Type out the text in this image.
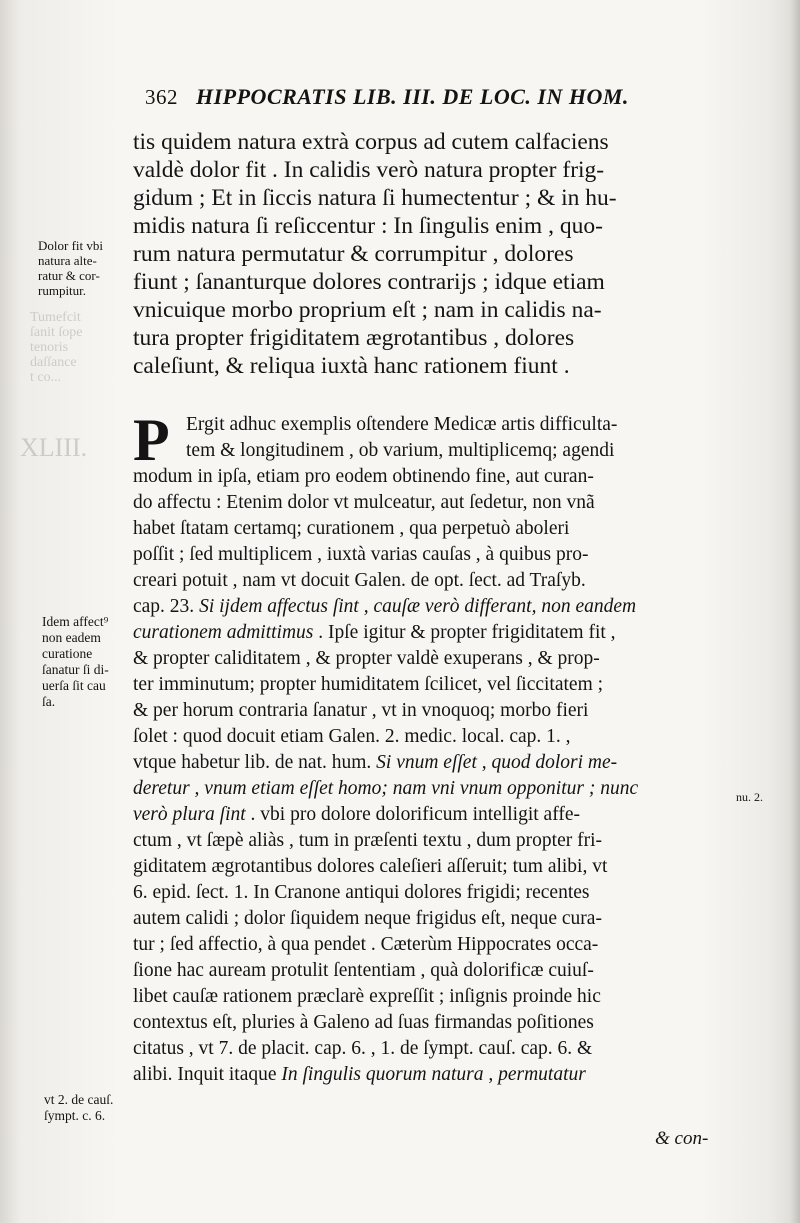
Tumefcit
ſanit ſope
tenoris
daſſance
t co...
XLIII.
362 HIPPOCRATIS LIB. III. DE LOC. IN HOM.
tis quidem natura extrà corpus ad cutem calfaciens
valdè dolor fit . In calidis verò natura propter frig-
gidum ; Et in ſiccis natura ſi humectentur ; & in hu-
midis natura ſi reſiccentur : In ſingulis enim , quo-
rum natura permutatur & corrumpitur , dolores
fiunt ; ſananturque dolores contrarijs ; idque etiam
vnicuique morbo proprium eſt ; nam in calidis na-
tura propter frigiditatem ægrotantibus , dolores
caleſiunt, & reliqua iuxtà hanc rationem fiunt .
P Ergit adhuc exemplis oſtendere Medicæ artis difficulta-
tem & longitudinem , ob varium, multiplicemq; agendi
modum in ipſa, etiam pro eodem obtinendo fine, aut curan-
do affectu : Etenim dolor vt mulceatur, aut ſedetur, non vnã
habet ſtatam certamq; curationem , qua perpetuò aboleri
poſſit ; ſed multiplicem , iuxtà varias cauſas , à quibus pro-
creari potuit , nam vt docuit Galen. de opt. ſect. ad Traſyb.
cap. 23. Si ijdem affectus ſint , cauſæ verò differant, non eandem
curationem admittimus . Ipſe igitur & propter frigiditatem fit ,
& propter caliditatem , & propter valdè exuperans , & prop-
ter imminutum; propter humiditatem ſcilicet, vel ſiccitatem ;
& per horum contraria ſanatur , vt in vnoquoq; morbo fieri
ſolet : quod docuit etiam Galen. 2. medic. local. cap. 1. ,
vtque habetur lib. de nat. hum. Si vnum eſſet , quod dolori me-
deretur , vnum etiam eſſet homo; nam vni vnum opponitur ; nunc
verò plura ſint . vbi pro dolore dolorificum intelligit affe-
ctum , vt ſæpè aliàs , tum in præſenti textu , dum propter fri-
giditatem ægrotantibus dolores caleſieri aſſeruit; tum alibi, vt
6. epid. ſect. 1. In Cranone antiqui dolores frigidi; recentes
autem calidi ; dolor ſiquidem neque frigidus eſt, neque cura-
tur ; ſed affectio, à qua pendet . Cæterùm Hippocrates occa-
ſione hac auream protulit ſententiam , quà dolorificæ cuiuſ-
libet cauſæ rationem præclarè expreſſit ; inſignis proinde hic
contextus eſt, pluries à Galeno ad ſuas firmandas poſitiones
citatus , vt 7. de placit. cap. 6. , 1. de ſympt. cauſ. cap. 6. &
alibi. Inquit itaque In ſingulis quorum natura , permutatur
& con-
Dolor fit vbi
natura alte-
ratur & cor-
rumpitur.
Idem affect⁹
non eadem
curatione
ſanatur ſi di-
uerſa ſit cau
ſa.
vt 2. de cauſ.
ſympt. c. 6.
nu. 2.
